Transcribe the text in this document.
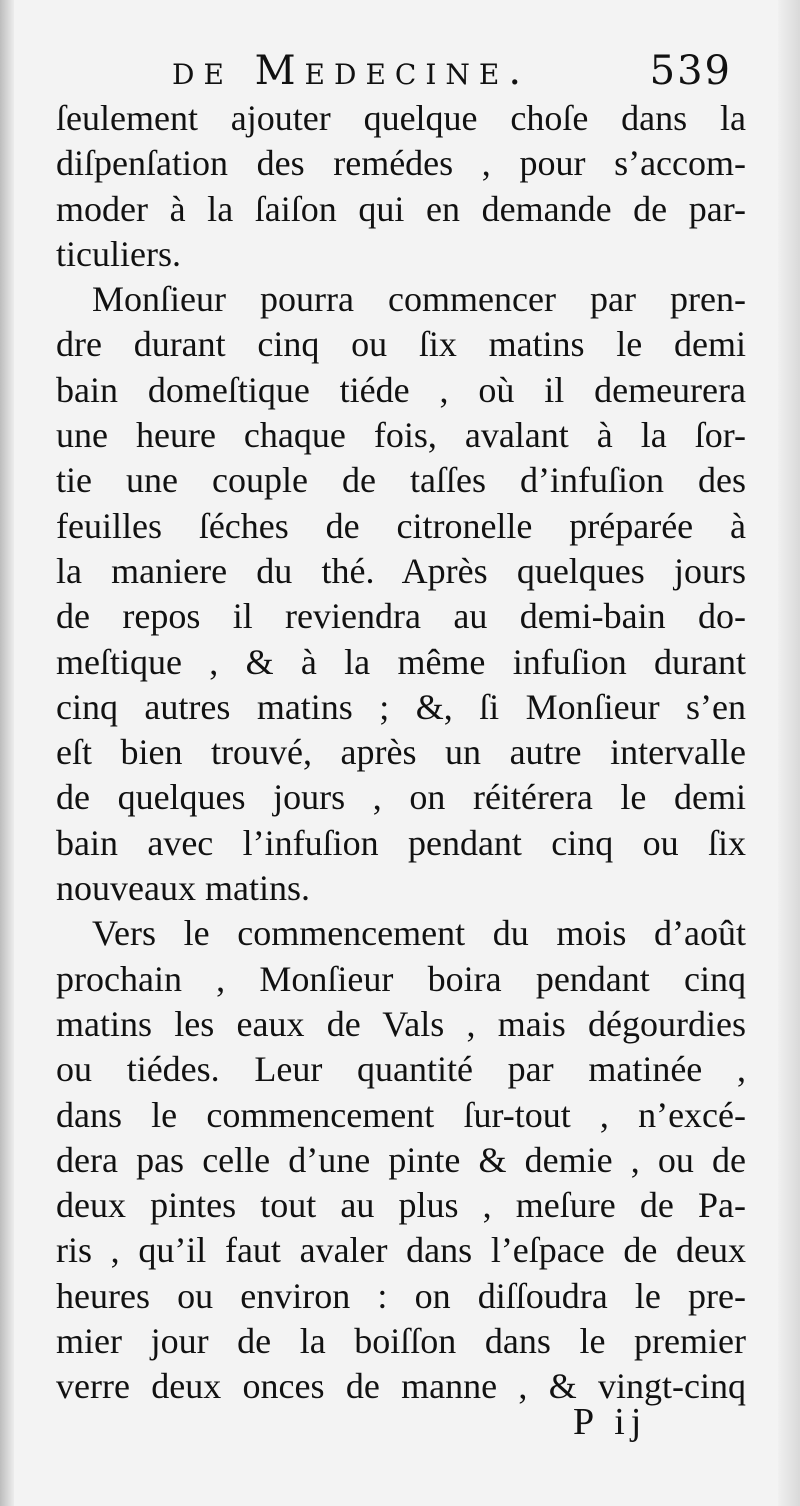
de Medecine.	539
ſeulement ajouter quelque choſe dans la
diſpenſation des remédes , pour s’accom-
moder à la ſaiſon qui en demande de par-
ticuliers.
Monſieur pourra commencer par pren-
dre durant cinq ou ſix matins le demi
bain domeſtique tiéde , où il demeurera
une heure chaque fois, avalant à la ſor-
tie une couple de taſſes d’infuſion des
feuilles ſéches de citronelle préparée à
la maniere du thé. Après quelques jours
de repos il reviendra au demi-bain do-
meſtique , & à la même infuſion durant
cinq autres matins ; &, ſi Monſieur s’en
eſt bien trouvé, après un autre intervalle
de quelques jours , on réitérera le demi
bain avec l’infuſion pendant cinq ou ſix
nouveaux matins.
Vers le commencement du mois d’août
prochain , Monſieur boira pendant cinq
matins les eaux de Vals , mais dégourdies
ou tiédes. Leur quantité par matinée ,
dans le commencement ſur-tout , n’excé-
dera pas celle d’une pinte & demie , ou de
deux pintes tout au plus , meſure de Pa-
ris , qu’il faut avaler dans l’eſpace de deux
heures ou environ : on diſſoudra le pre-
mier jour de la boiſſon dans le premier
verre deux onces de manne , & vingt-cinq
P ij
